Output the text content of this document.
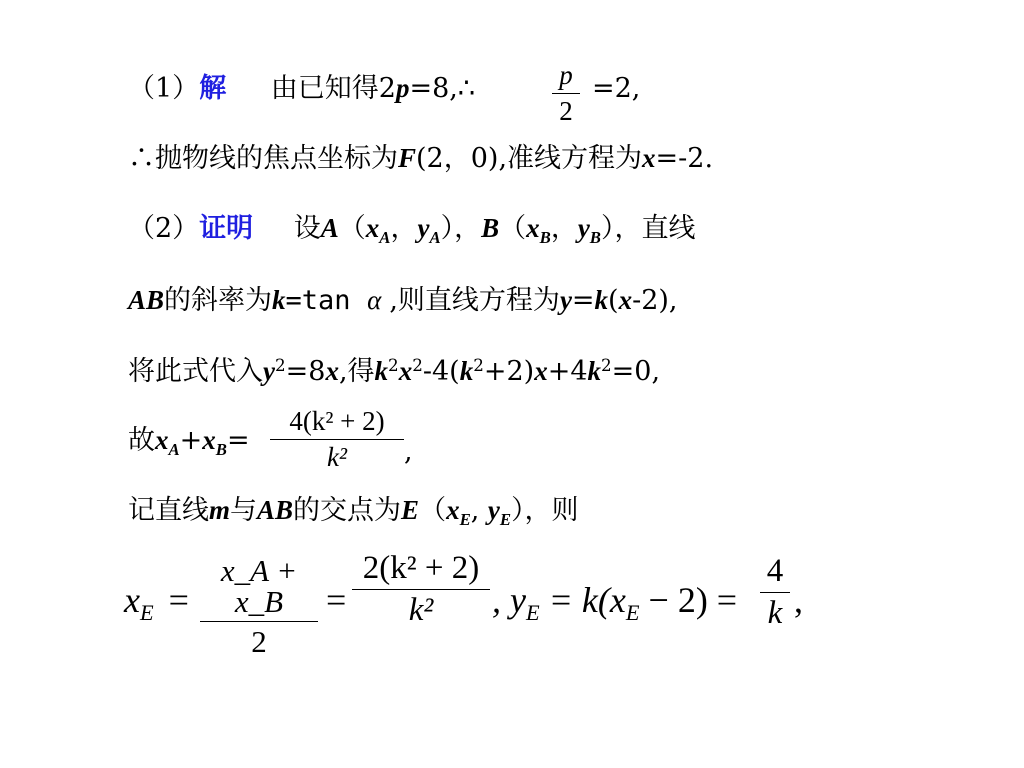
（1）解 由已知得2p=8,∴	p
2
=2,
∴抛物线的焦点坐标为F(2，0),准线方程为x=-2.
（2）证明 设$A(x_A$，$y_A$），$B(x_B$，$y_B$），直线
AB的斜率为k=tan α ,则直线方程为y=k(x-2),
将此式代入$y^2=8x$,得$k^2x^2-4(k^2+2)x+4k^2=0$,
故$x_A+x_B=$
4(k² + 2)
k²	,
记直线m与AB的交点为$E(x_E$, $y_E$），则
$x_E$ =
x_A + x_B
2
=
2(k² + 2)
k²	, $y_E = k(x_E - 2)$ =
4
k ,
